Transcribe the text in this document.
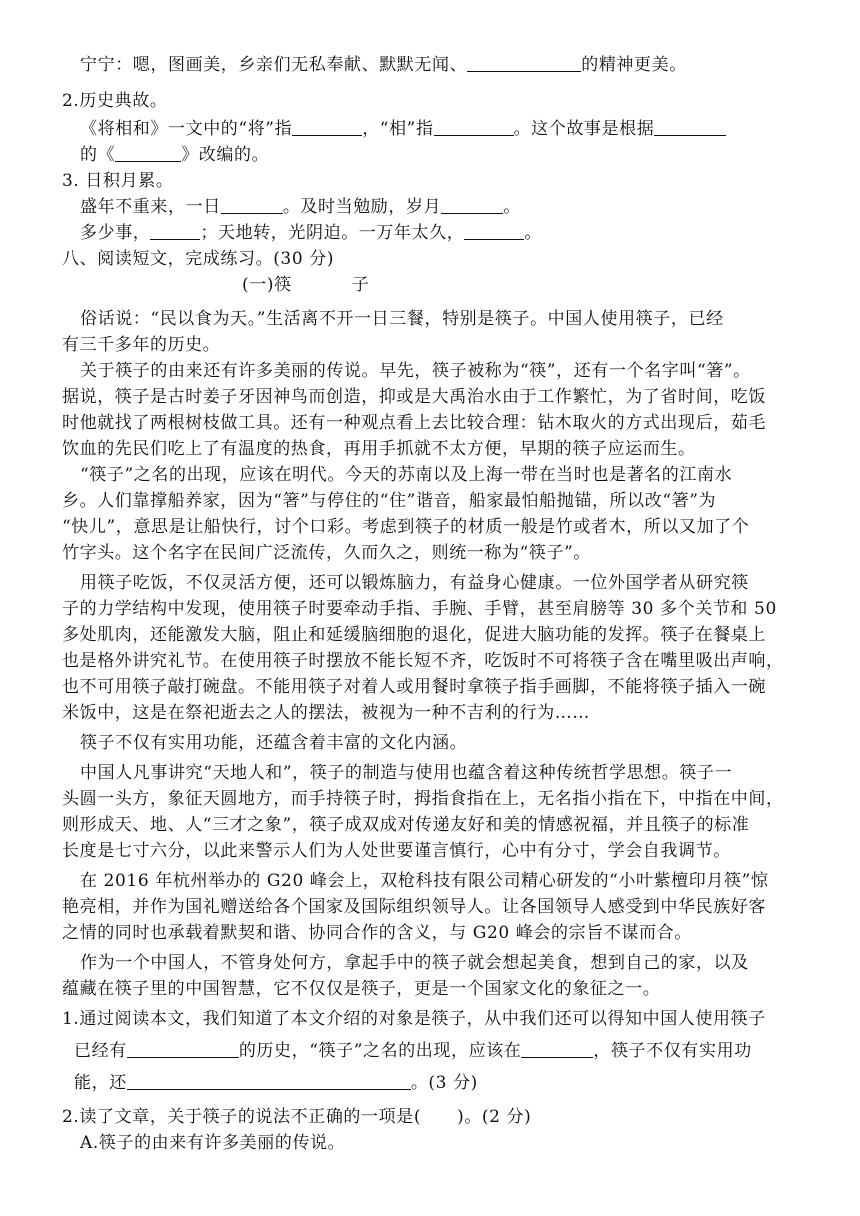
宁宁：嗯，图画美，乡亲们无私奉献、默默无闻、	的精神更美。
2.历史典故。
《将相和》一文中的“将”指	，“相”指	。这个故事是根据
的《	》改编的。
3. 日积月累。
盛年不重来，一日	。及时当勉励，岁月	。
多少事，	；天地转，光阴迫。一万年太久，	。
八、阅读短文，完成练习。(30 分)
(一)筷          子
俗话说：“民以食为天。”生活离不开一日三餐，特别是筷子。中国人使用筷子，已经
有三千多年的历史。
关于筷子的由来还有许多美丽的传说。早先，筷子被称为“筷”，还有一个名字叫“箸”。
据说，筷子是古时姜子牙因神鸟而创造，抑或是大禹治水由于工作繁忙，为了省时间，吃饭
时他就找了两根树枝做工具。还有一种观点看上去比较合理：钻木取火的方式出现后，茹毛
饮血的先民们吃上了有温度的热食，再用手抓就不太方便，早期的筷子应运而生。
“筷子”之名的出现，应该在明代。今天的苏南以及上海一带在当时也是著名的江南水
乡。人们靠撑船养家，因为“箸”与停住的“住”谐音，船家最怕船抛锚，所以改“箸”为
“快儿”，意思是让船快行，讨个口彩。考虑到筷子的材质一般是竹或者木，所以又加了个
竹字头。这个名字在民间广泛流传，久而久之，则统一称为“筷子”。
用筷子吃饭，不仅灵活方便，还可以锻炼脑力，有益身心健康。一位外国学者从研究筷
子的力学结构中发现，使用筷子时要牵动手指、手腕、手臂，甚至肩膀等 30 多个关节和 50
多处肌肉，还能激发大脑，阻止和延缓脑细胞的退化，促进大脑功能的发挥。筷子在餐桌上
也是格外讲究礼节。在使用筷子时摆放不能长短不齐，吃饭时不可将筷子含在嘴里吸出声响，
也不可用筷子敲打碗盘。不能用筷子对着人或用餐时拿筷子指手画脚，不能将筷子插入一碗
米饭中，这是在祭祀逝去之人的摆法，被视为一种不吉利的行为……
筷子不仅有实用功能，还蕴含着丰富的文化内涵。
中国人凡事讲究“天地人和”，筷子的制造与使用也蕴含着这种传统哲学思想。筷子一
头圆一头方，象征天圆地方，而手持筷子时，拇指食指在上，无名指小指在下，中指在中间，
则形成天、地、人“三才之象”，筷子成双成对传递友好和美的情感祝福，并且筷子的标准
长度是七寸六分，以此来警示人们为人处世要谨言慎行，心中有分寸，学会自我调节。
在 2016 年杭州举办的 G20 峰会上，双枪科技有限公司精心研发的“小叶紫檀印月筷”惊
艳亮相，并作为国礼赠送给各个国家及国际组织领导人。让各国领导人感受到中华民族好客
之情的同时也承载着默契和谐、协同合作的含义，与 G20 峰会的宗旨不谋而合。
作为一个中国人，不管身处何方，拿起手中的筷子就会想起美食，想到自己的家，以及
蕴藏在筷子里的中国智慧，它不仅仅是筷子，更是一个国家文化的象征之一。
1.通过阅读本文，我们知道了本文介绍的对象是筷子，从中我们还可以得知中国人使用筷子
已经有	的历史，“筷子”之名的出现，应该在	，筷子不仅有实用功
能，还	。(3 分)
2.读了文章，关于筷子的说法不正确的一项是(      )。(2 分)
A.筷子的由来有许多美丽的传说。
